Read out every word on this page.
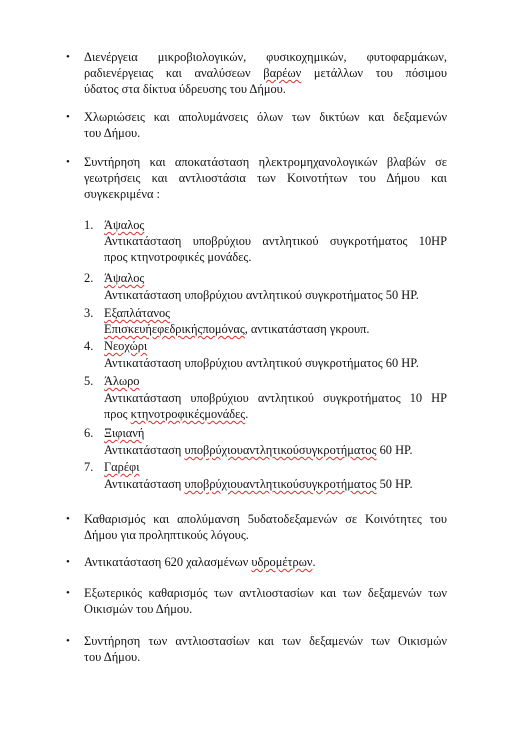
•	Διενέργεια μικροβιολογικών, φυσικοχημικών, φυτοφαρμάκων,
ραδιενέργειας και αναλύσεων βαρέων μετάλλων του πόσιμου
ύδατος στα δίκτυα ύδρευσης του Δήμου.
•	Χλωριώσεις και απολυμάνσεις όλων των δικτύων και δεξαμενών
του Δήμου.
•	Συντήρηση και αποκατάσταση ηλεκτρομηχανολογικών βλαβών σε
γεωτρήσεις και αντλιοστάσια των Κοινοτήτων του Δήμου και
συγκεκριμένα :
1. Άψαλος
Αντικατάσταση υποβρύχιου αντλητικού συγκροτήματος 10HP
προς κτηνοτροφικές μονάδες.
2. Άψαλος
Αντικατάσταση υποβρύχιου αντλητικού συγκροτήματος 50 HP.
3. Εξαπλάτανος
Επισκευήεφεδρικήςπομόνας, αντικατάσταση γκρουπ.
4. Νεοχώρι
Αντικατάσταση υποβρύχιου αντλητικού συγκροτήματος 60 HP.
5. Άλωρο
Αντικατάσταση υποβρύχιου αντλητικού συγκροτήματος 10 HP
προς κτηνοτροφικέςμονάδες.
6. Ξιφιανή
Αντικατάσταση υποβρύχιουαντλητικούσυγκροτήματος 60 HP.
7. Γαρέφι
Αντικατάσταση υποβρύχιουαντλητικούσυγκροτήματος 50 HP.
•	Καθαρισμός και απολύμανση 5υδατοδεξαμενών σε Κοινότητες του
Δήμου για προληπτικούς λόγους.
•	Αντικατάσταση 620 χαλασμένων υδρομέτρων.
•	Εξωτερικός καθαρισμός των αντλιοστασίων και των δεξαμενών των
Οικισμών του Δήμου.
•	Συντήρηση των αντλιοστασίων και των δεξαμενών των Οικισμών
του Δήμου.
